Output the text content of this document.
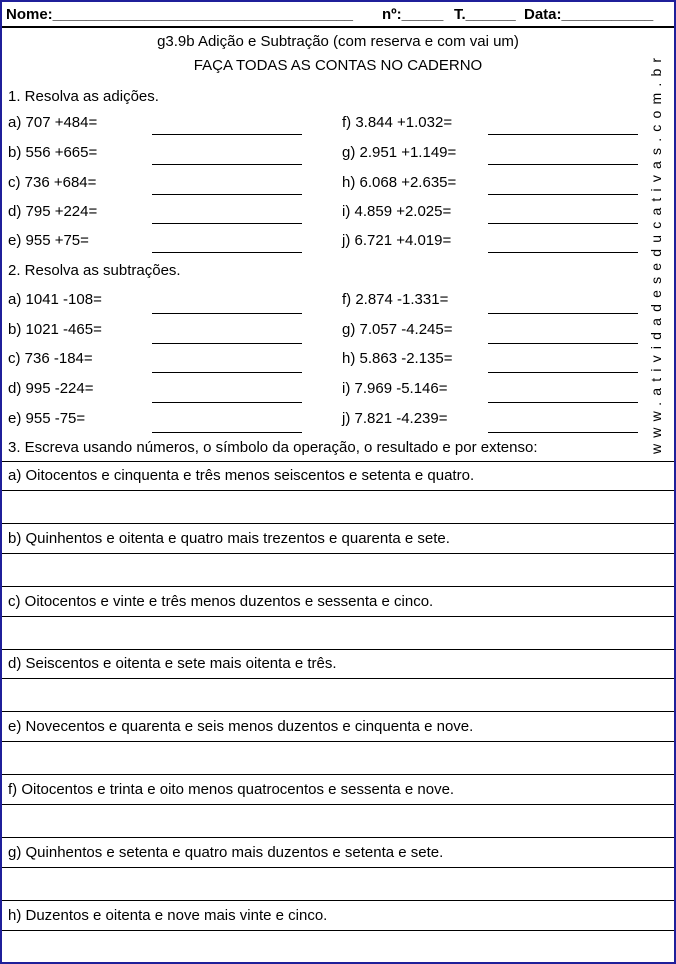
Nome:____________________________________ nº:_____ T.______ Data:___________
g3.9b Adição e Subtração (com reserva e com vai um)
FAÇA TODAS AS CONTAS NO CADERNO
1. Resolva as adições.
a) 707 +484=	f) 3.844 +1.032=
b) 556 +665=	g) 2.951 +1.149=
c) 736 +684=	h) 6.068 +2.635=
d) 795 +224=	i) 4.859 +2.025=
e) 955 +75=	j) 6.721 +4.019=
2. Resolva as subtrações.
a) 1041 -108=	f) 2.874 -1.331=
b) 1021 -465=	g) 7.057 -4.245=
c) 736 -184=	h) 5.863 -2.135=
d) 995 -224=	i) 7.969 -5.146=
e) 955 -75=	j) 7.821 -4.239=
3. Escreva usando números, o símbolo da operação, o resultado e por extenso:
a) Oitocentos e cinquenta e três menos seiscentos e setenta e quatro.
b) Quinhentos e oitenta e quatro mais trezentos e quarenta e sete.
c) Oitocentos e vinte e três menos duzentos e sessenta e cinco.
d) Seiscentos e oitenta e sete mais oitenta e três.
e) Novecentos e quarenta e seis menos duzentos e cinquenta e nove.
f) Oitocentos e trinta e oito menos quatrocentos e sessenta e nove.
g) Quinhentos e setenta e quatro mais duzentos e setenta e sete.
h) Duzentos e oitenta e nove mais vinte e cinco.
www.atividadeseducativas.com.br
